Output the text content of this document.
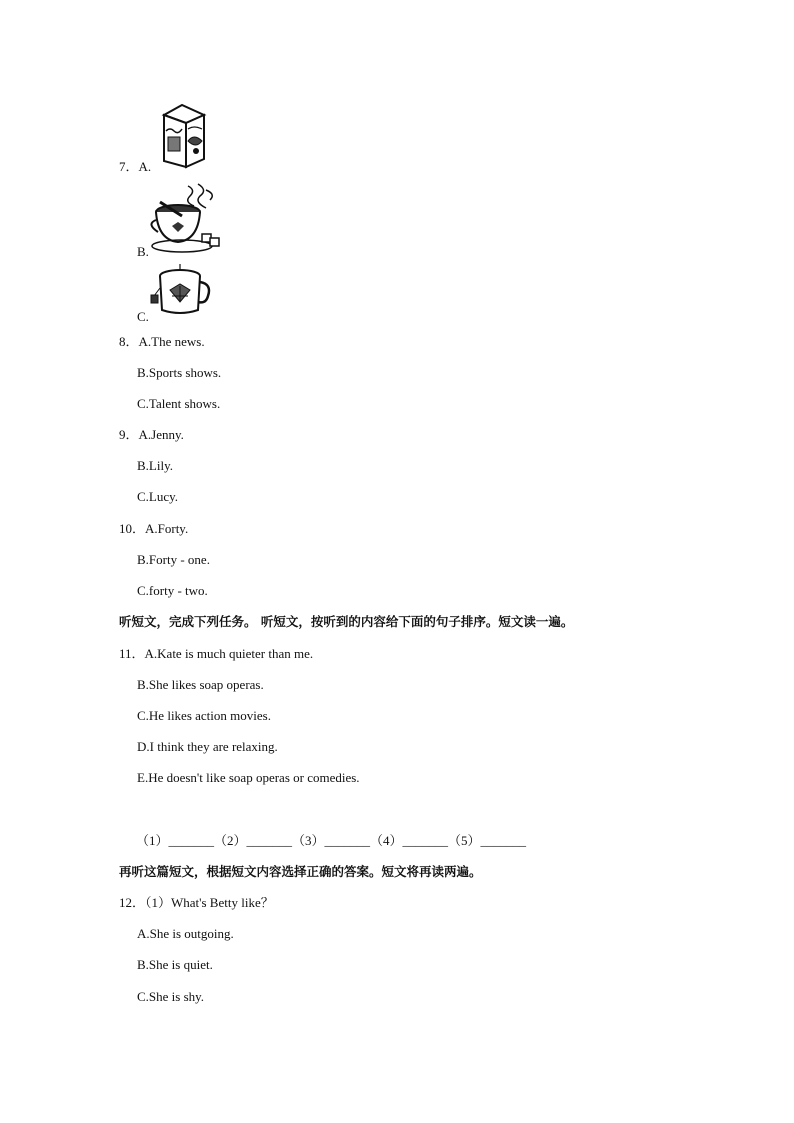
7．A.
B.
C.
8．A.The news.
B.Sports shows.
C.Talent shows.
9．A.Jenny.
B.Lily.
C.Lucy.
10．A.Forty.
B.Forty - one.
C.forty - two.
听短文，完成下列任务。 听短文，按听到的内容给下面的句子排序。短文读一遍。
11．A.Kate is much quieter than me.
B.She likes soap operas.
C.He likes action movies.
D.I think they are relaxing.
E.He doesn't like soap operas or comedies.
（1）_______（2）_______（3）_______（4）_______（5）_______
再听这篇短文，根据短文内容选择正确的答案。短文将再读两遍。
12．（1）What's Betty like？
A.She is outgoing.
B.She is quiet.
C.She is shy.
